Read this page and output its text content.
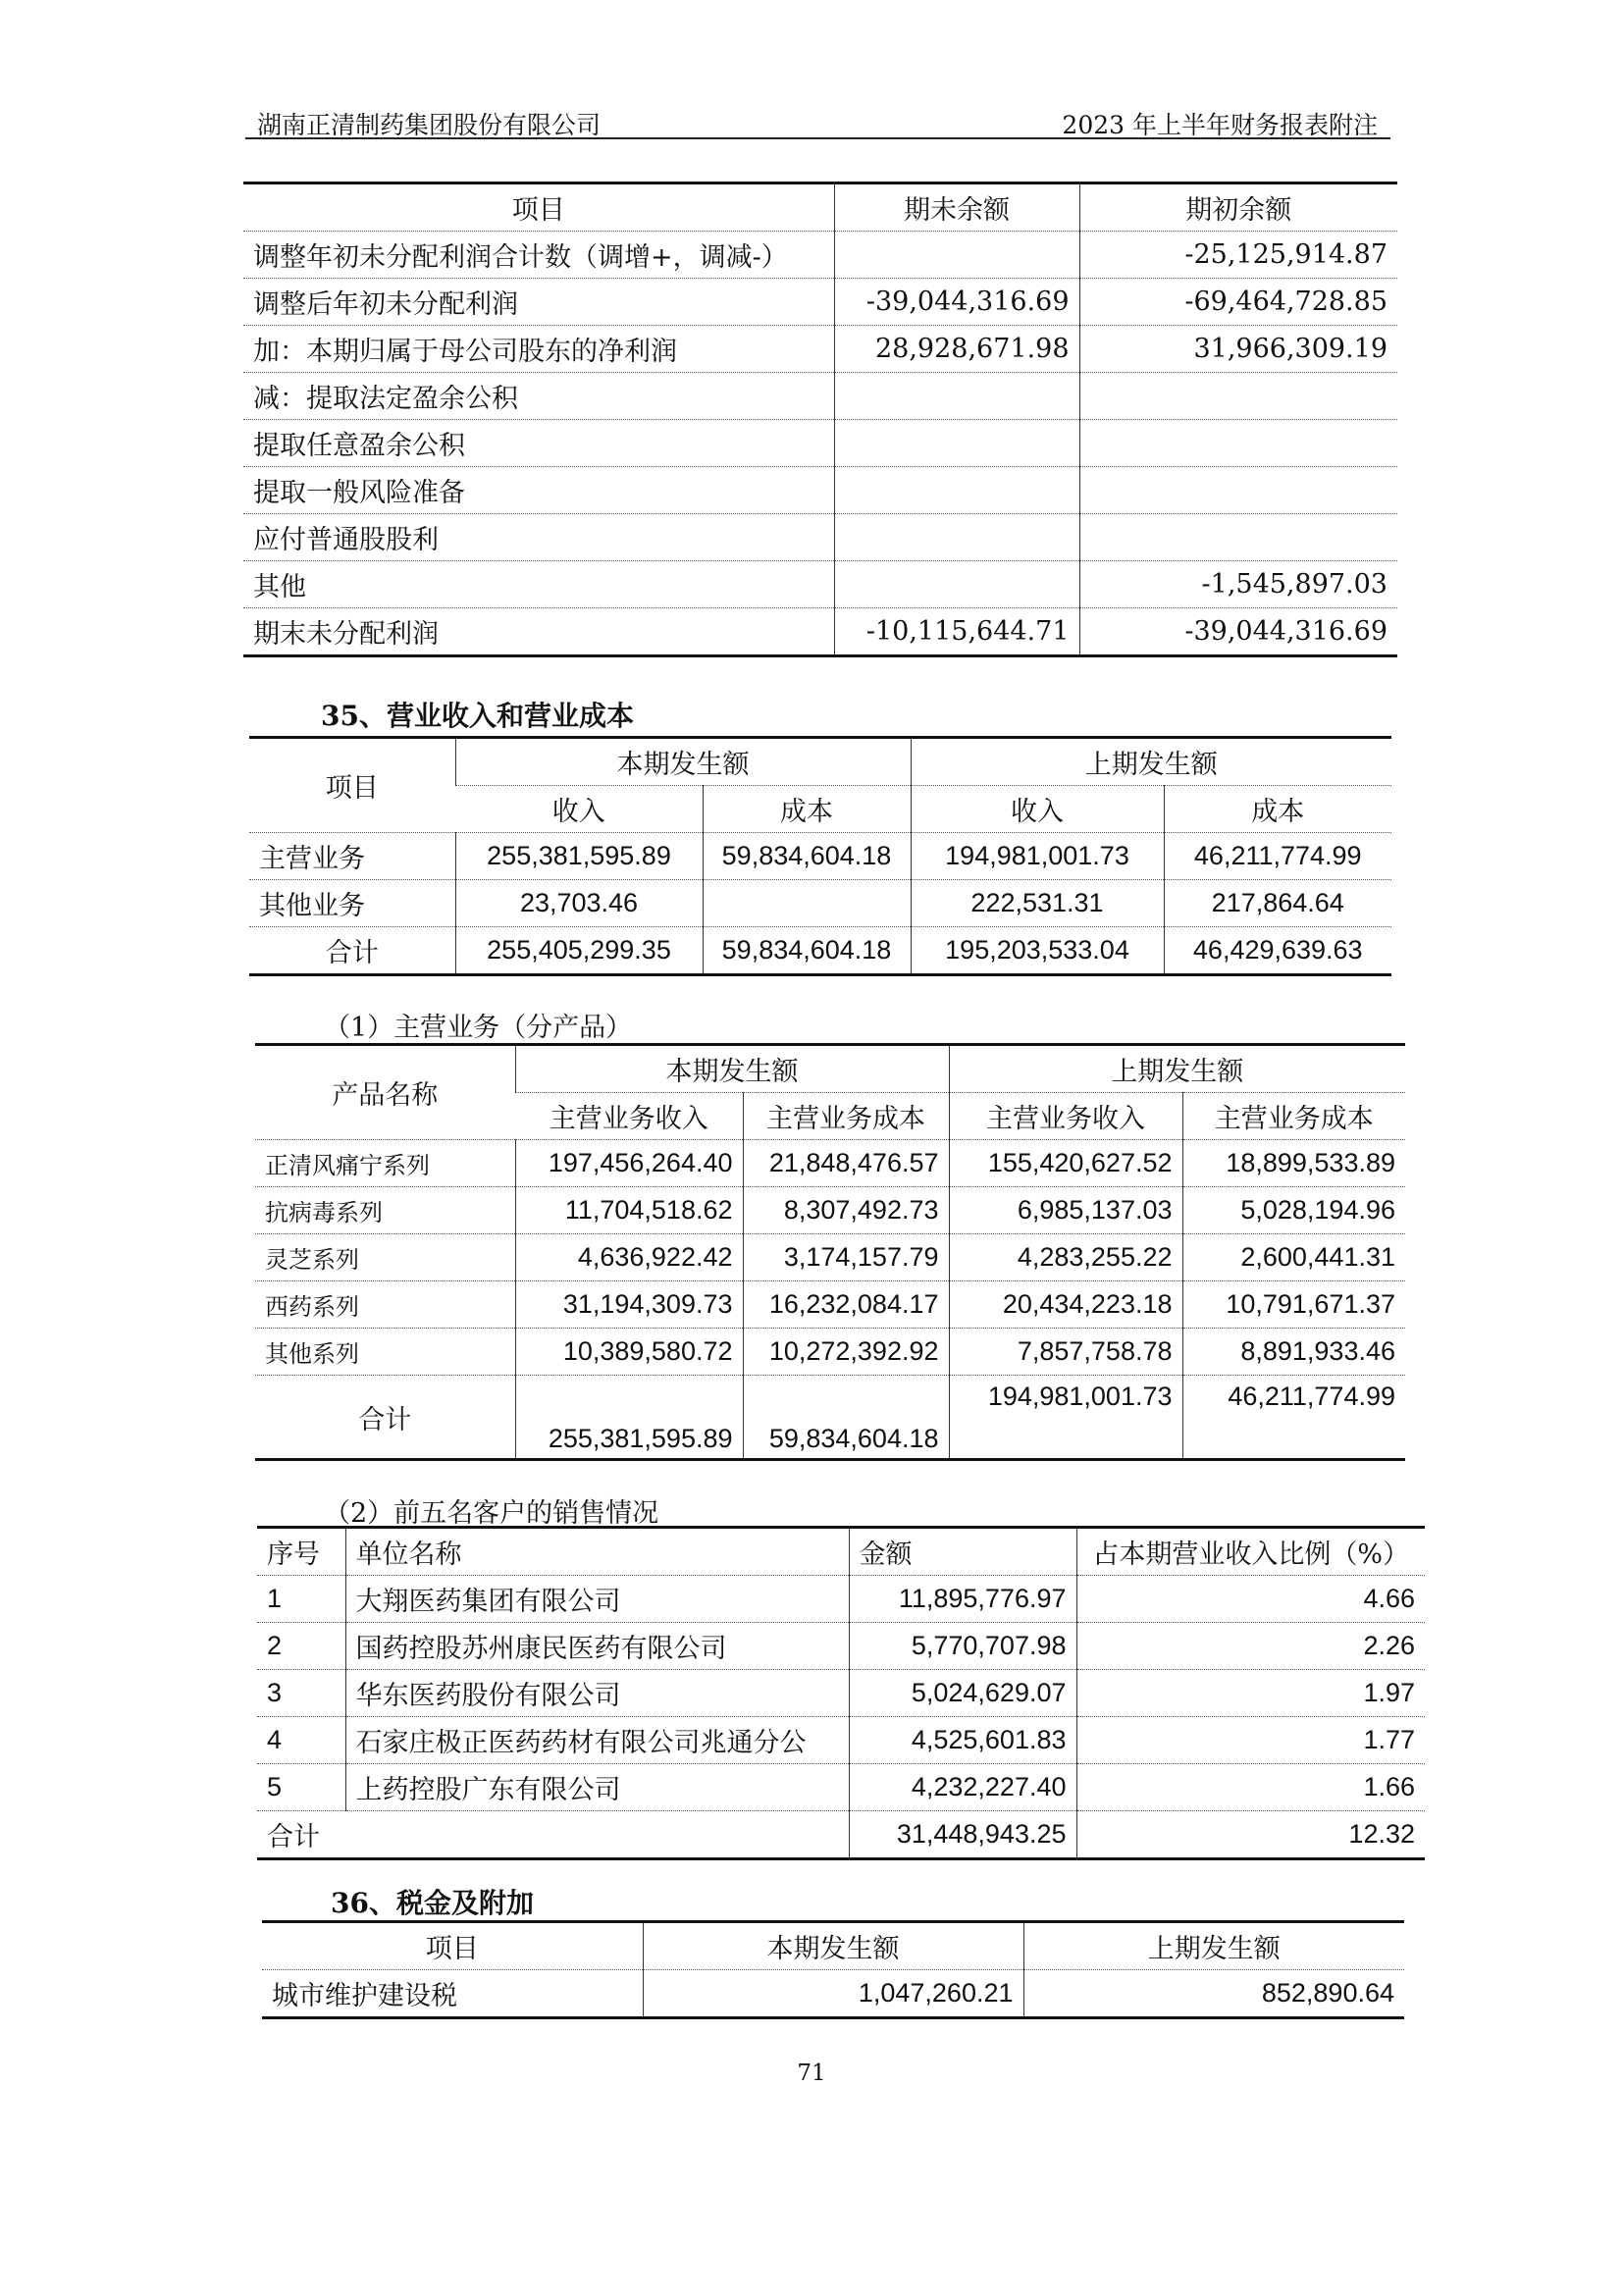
湖南正清制药集团股份有限公司	2023 年上半年财务报表附注
项目	期未余额	期初余额
调整年初未分配利润合计数（调增+，调减-）		-25,125,914.87
调整后年初未分配利润	-39,044,316.69	-69,464,728.85
加：本期归属于母公司股东的净利润	28,928,671.98	31,966,309.19
减：提取法定盈余公积		
提取任意盈余公积		
提取一般风险准备		
应付普通股股利		
其他		-1,545,897.03
期末未分配利润	-10,115,644.71	-39,044,316.69
35、营业收入和营业成本
项目	本期发生额		上期发生额	
	收入	成本	收入	成本
主营业务	255,381,595.89	59,834,604.18	194,981,001.73	46,211,774.99
其他业务	23,703.46		222,531.31	217,864.64
合计	255,405,299.35	59,834,604.18	195,203,533.04	46,429,639.63
（1）主营业务（分产品）
产品名称	本期发生额		上期发生额	
	主营业务收入	主营业务成本	主营业务收入	主营业务成本
正清风痛宁系列	197,456,264.40	21,848,476.57	155,420,627.52	18,899,533.89
抗病毒系列	11,704,518.62	8,307,492.73	6,985,137.03	5,028,194.96
灵芝系列	4,636,922.42	3,174,157.79	4,283,255.22	2,600,441.31
西药系列	31,194,309.73	16,232,084.17	20,434,223.18	10,791,671.37
其他系列	10,389,580.72	10,272,392.92	7,857,758.78	8,891,933.46
合计	255,381,595.89	59,834,604.18	194,981,001.73	46,211,774.99
（2）前五名客户的销售情况
序号	单位名称	金额	占本期营业收入比例（%）
1	大翔医药集团有限公司	11,895,776.97	4.66
2	国药控股苏州康民医药有限公司	5,770,707.98	2.26
3	华东医药股份有限公司	5,024,629.07	1.97
4	石家庄极正医药药材有限公司兆通分公	4,525,601.83	1.77
5	上药控股广东有限公司	4,232,227.40	1.66
合计		31,448,943.25	12.32
36、税金及附加
项目	本期发生额	上期发生额
城市维护建设税	1,047,260.21	852,890.64
71
